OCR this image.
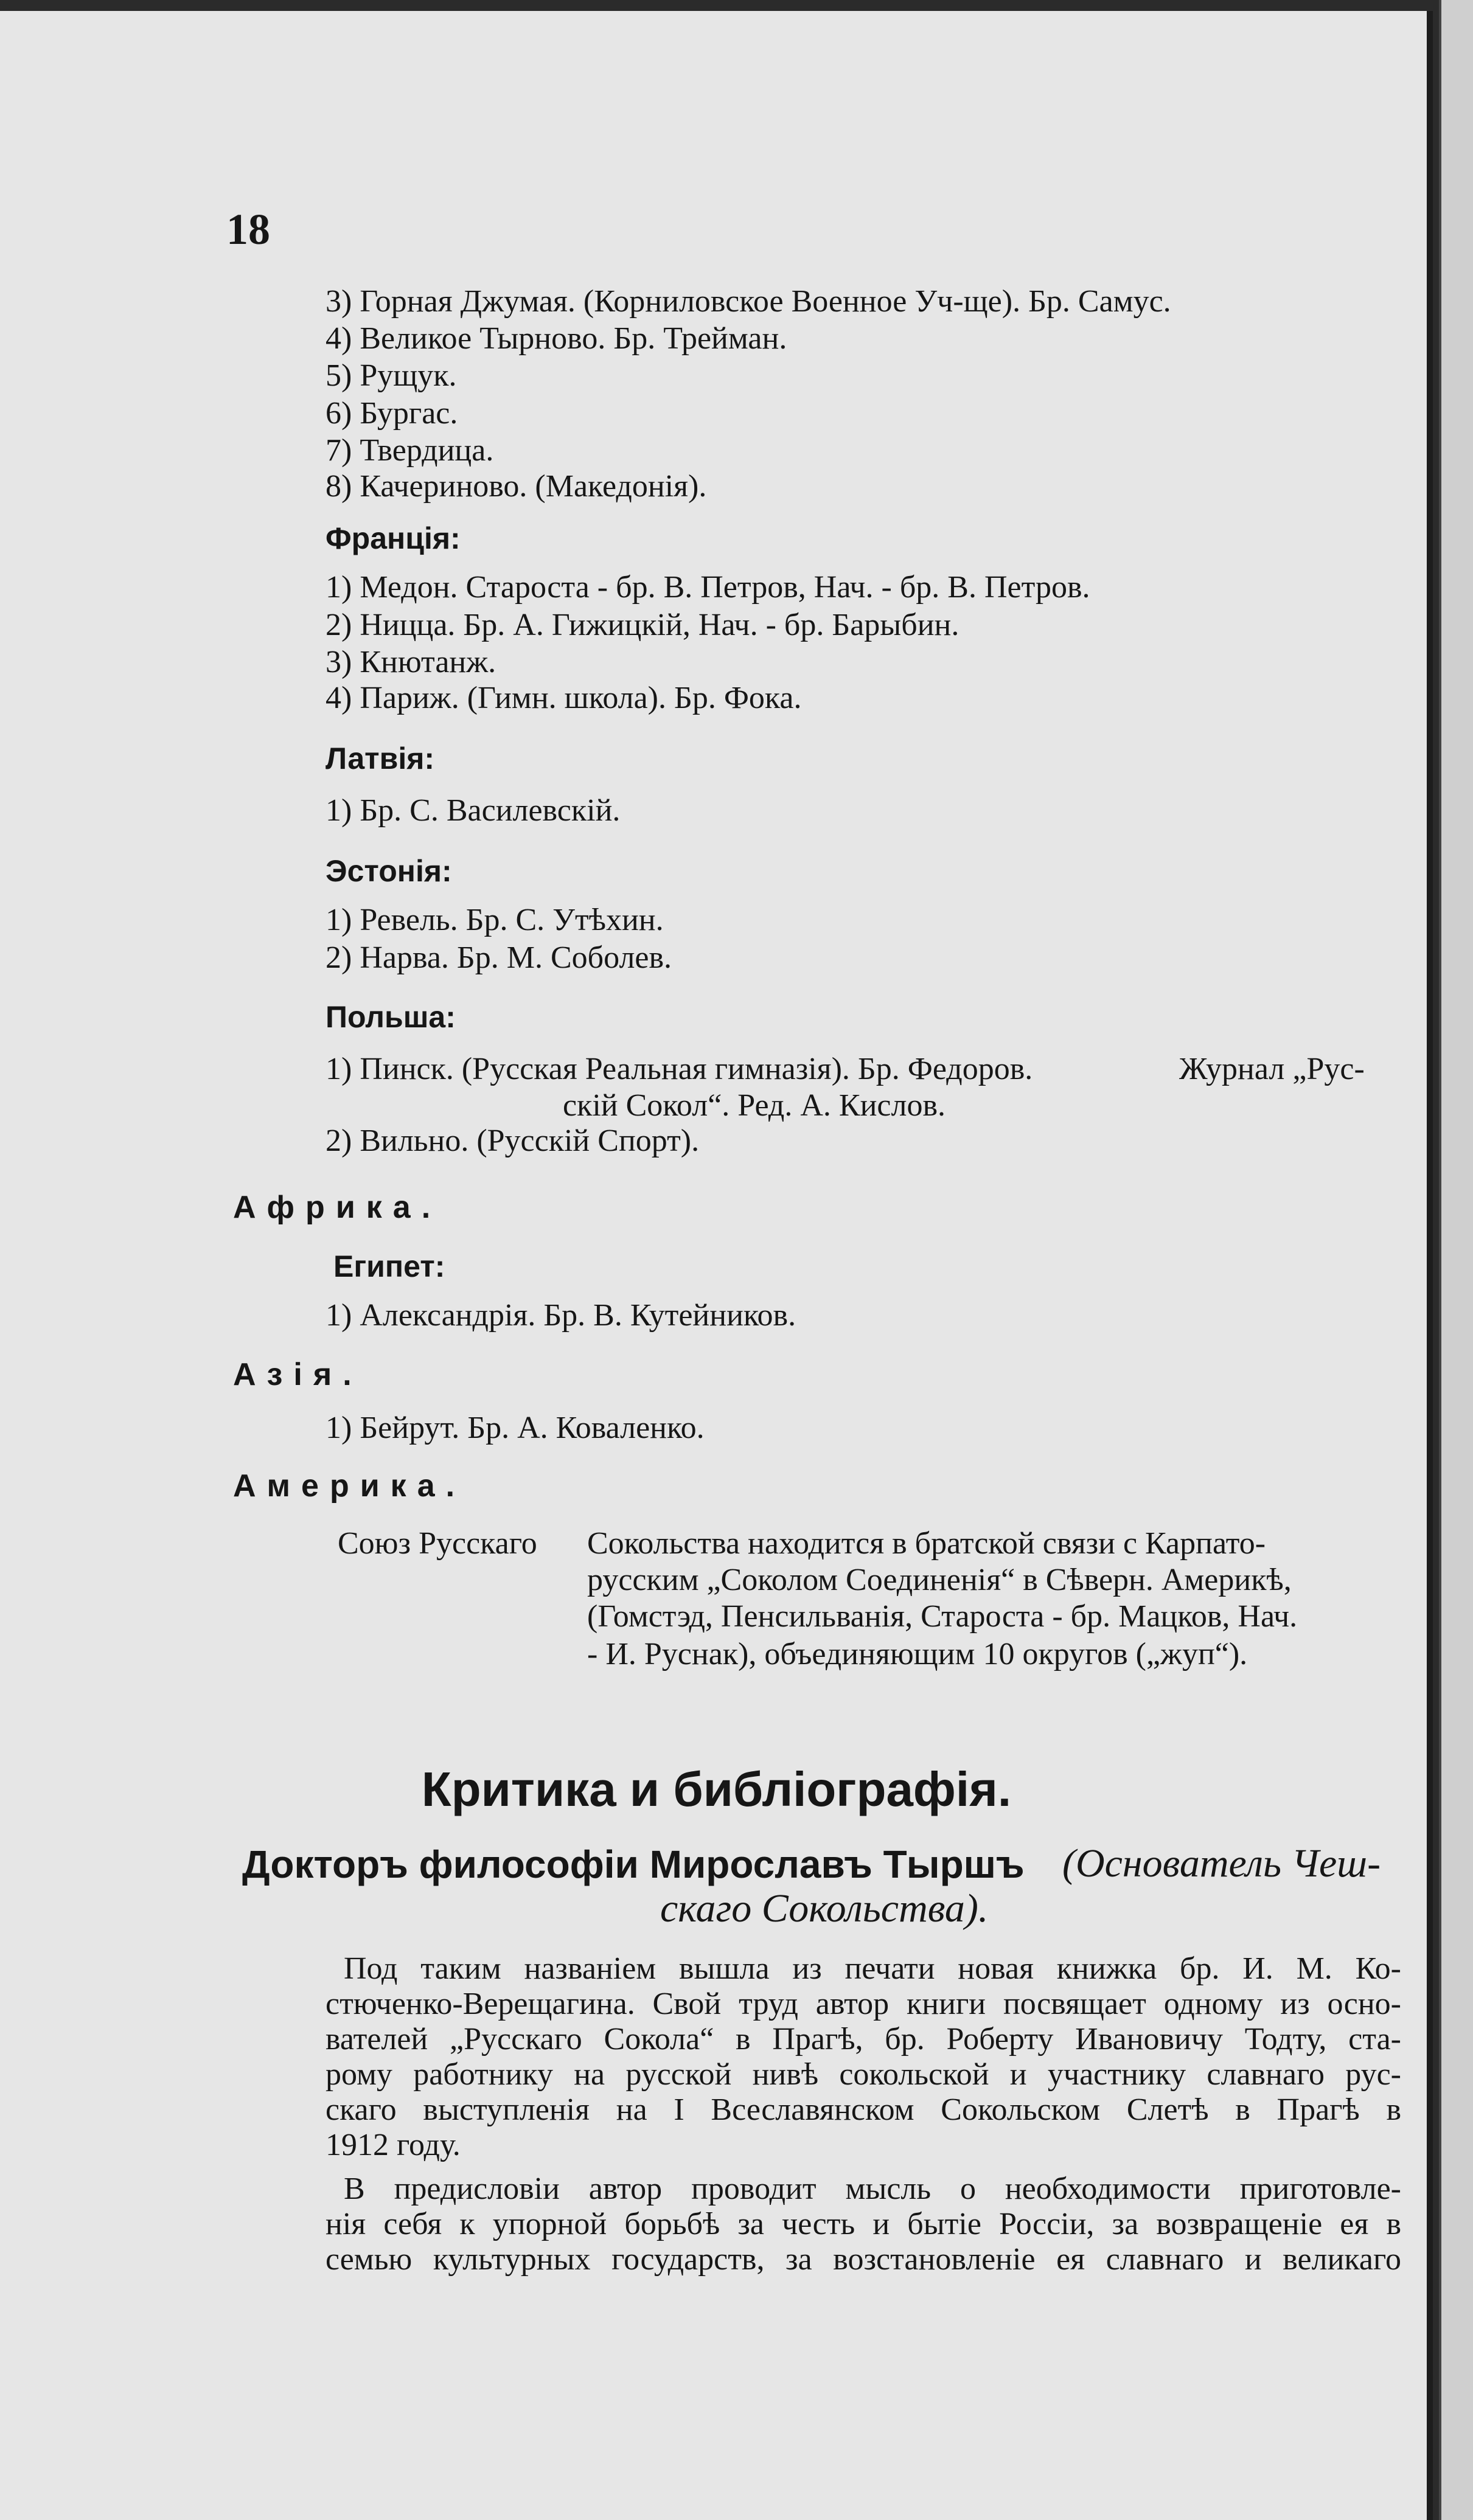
18
3) Горная Джумая. (Корниловское Военное Уч-ще). Бр. Самус.
4) Великое Тырново. Бр. Трейман.
5) Рущук.
6) Бургас.
7) Твердица.
8) Качериново. (Македонія).
Франція:
1) Медон. Староста - бр. В. Петров, Нач. - бр. В. Петров.
2) Ницца. Бр. А. Гижицкій, Нач. - бр. Барыбин.
3) Кнютанж.
4) Париж. (Гимн. школа). Бр. Фока.
Латвія:
1) Бр. С. Василевскій.
Эстонія:
1) Ревель. Бр. С. Утѣхин.
2) Нарва. Бр. М. Соболев.
Польша:
1) Пинск. (Русская Реальная гимназія). Бр. Федоров.	Журнал „Рус-
скій Сокол“. Ред. А. Кислов.
2) Вильно. (Русскій Спорт).
Африка.
Египет:
1) Александрія. Бр. В. Кутейников.
Азія.
1) Бейрут. Бр. А. Коваленко.
Америка.
Союз Русскаго Сокольства находится в братской связи с Карпато-
русским „Соколом Соединенія“ в Сѣверн. Америкѣ,
(Гомстэд, Пенсильванія, Староста - бр. Мацков, Нач.
- И. Руснак), объединяющим 10 округов („жуп“).
Критика и библіографія.
Докторъ философіи Мирославъ Тыршъ (Основатель Чеш-
скаго Сокольства).
Под таким названіем вышла из печати новая книжка бр. И. М. Ко-
стюченко-Верещагина. Свой труд автор книги посвящает одному из осно-
вателей „Русскаго Сокола“ в Прагѣ, бр. Роберту Ивановичу Тодту, ста-
рому работнику на русской нивѣ сокольской и участнику славнаго рус-
скаго выступленія на I Всеславянском Сокольском Слетѣ в Прагѣ в
1912 году.
В предисловіи автор проводит мысль о необходимости приготовле-
нія себя к упорной борьбѣ за честь и бытіе Россіи, за возвращеніе ея в
семью культурных государств, за возстановленіе ея славнаго и великаго
